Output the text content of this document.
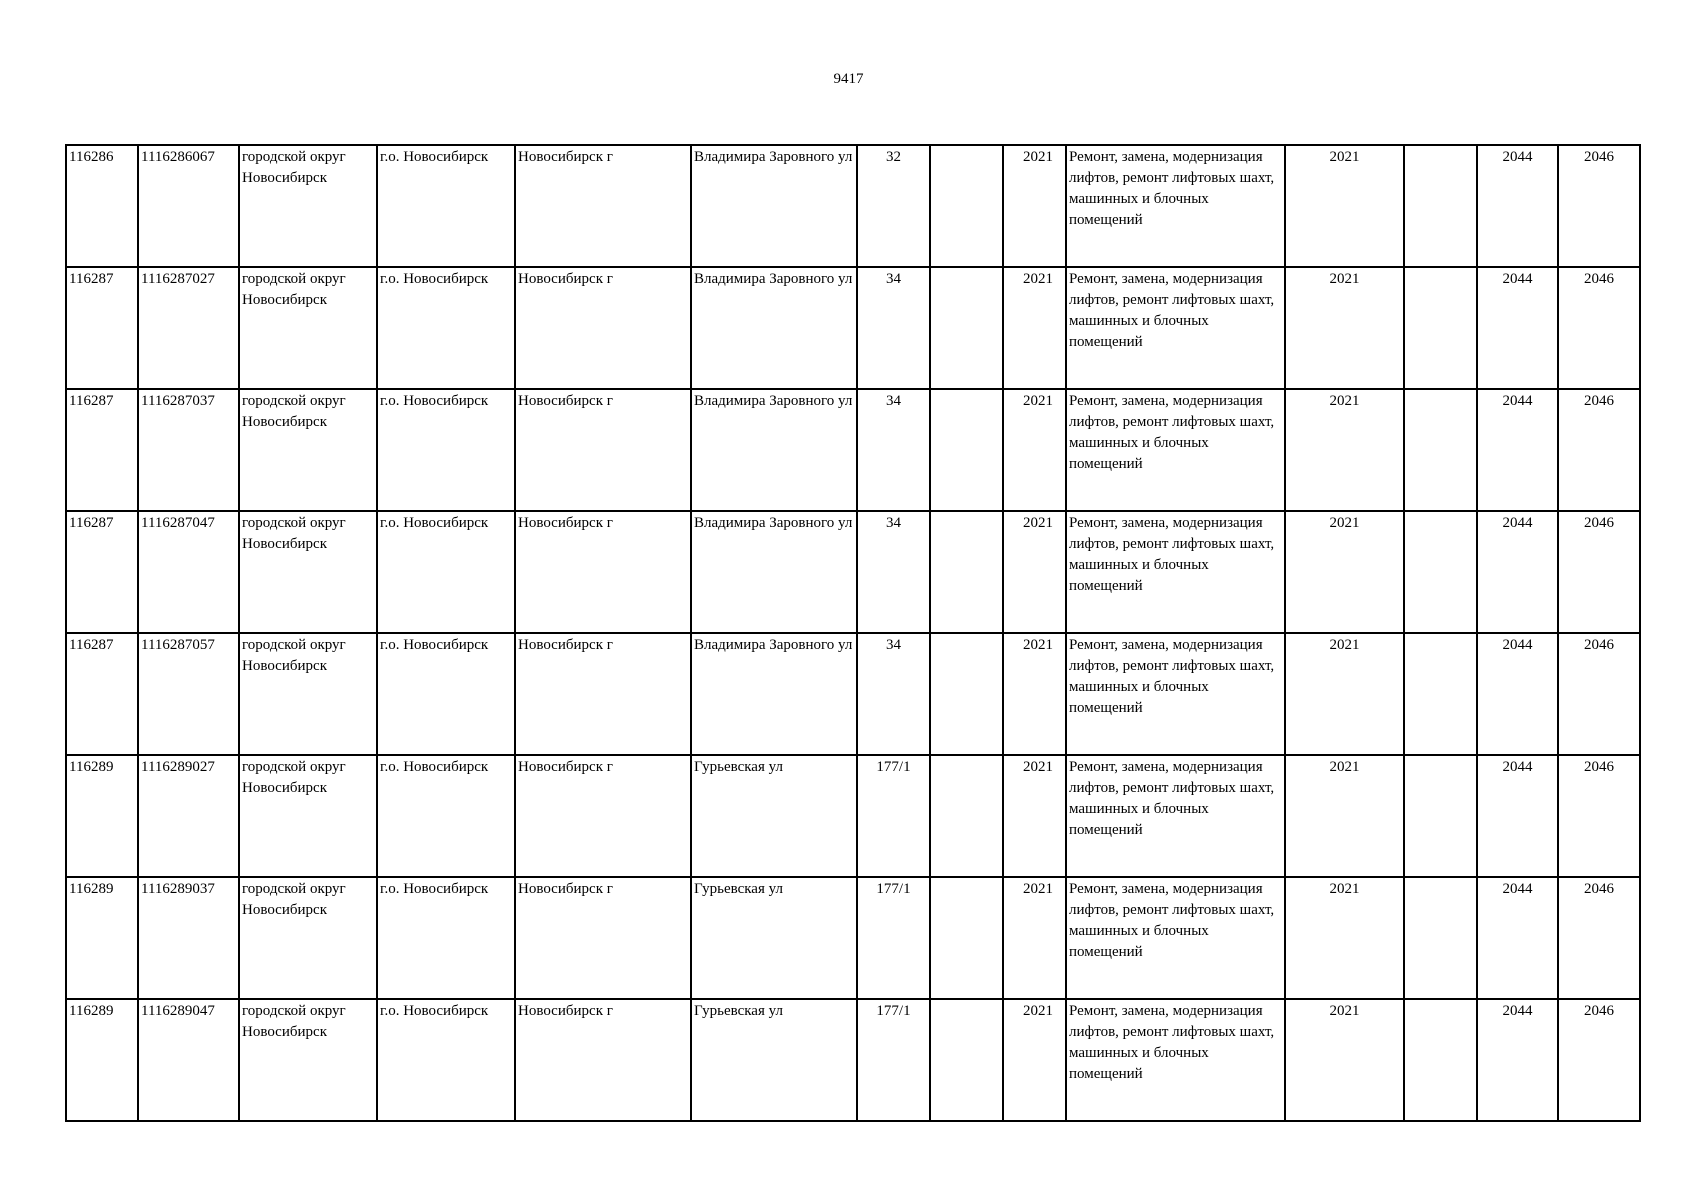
9417
116286	1116286067	городской округ Новосибирск	г.о. Новосибирск	Новосибирск г	Владимира Заровного ул	32		2021	Ремонт, замена, модернизация лифтов, ремонт лифтовых шахт, машинных и блочных помещений	2021		2044	2046
116287	1116287027	городской округ Новосибирск	г.о. Новосибирск	Новосибирск г	Владимира Заровного ул	34		2021	Ремонт, замена, модернизация лифтов, ремонт лифтовых шахт, машинных и блочных помещений	2021		2044	2046
116287	1116287037	городской округ Новосибирск	г.о. Новосибирск	Новосибирск г	Владимира Заровного ул	34		2021	Ремонт, замена, модернизация лифтов, ремонт лифтовых шахт, машинных и блочных помещений	2021		2044	2046
116287	1116287047	городской округ Новосибирск	г.о. Новосибирск	Новосибирск г	Владимира Заровного ул	34		2021	Ремонт, замена, модернизация лифтов, ремонт лифтовых шахт, машинных и блочных помещений	2021		2044	2046
116287	1116287057	городской округ Новосибирск	г.о. Новосибирск	Новосибирск г	Владимира Заровного ул	34		2021	Ремонт, замена, модернизация лифтов, ремонт лифтовых шахт, машинных и блочных помещений	2021		2044	2046
116289	1116289027	городской округ Новосибирск	г.о. Новосибирск	Новосибирск г	Гурьевская ул	177/1		2021	Ремонт, замена, модернизация лифтов, ремонт лифтовых шахт, машинных и блочных помещений	2021		2044	2046
116289	1116289037	городской округ Новосибирск	г.о. Новосибирск	Новосибирск г	Гурьевская ул	177/1		2021	Ремонт, замена, модернизация лифтов, ремонт лифтовых шахт, машинных и блочных помещений	2021		2044	2046
116289	1116289047	городской округ Новосибирск	г.о. Новосибирск	Новосибирск г	Гурьевская ул	177/1		2021	Ремонт, замена, модернизация лифтов, ремонт лифтовых шахт, машинных и блочных помещений	2021		2044	2046
